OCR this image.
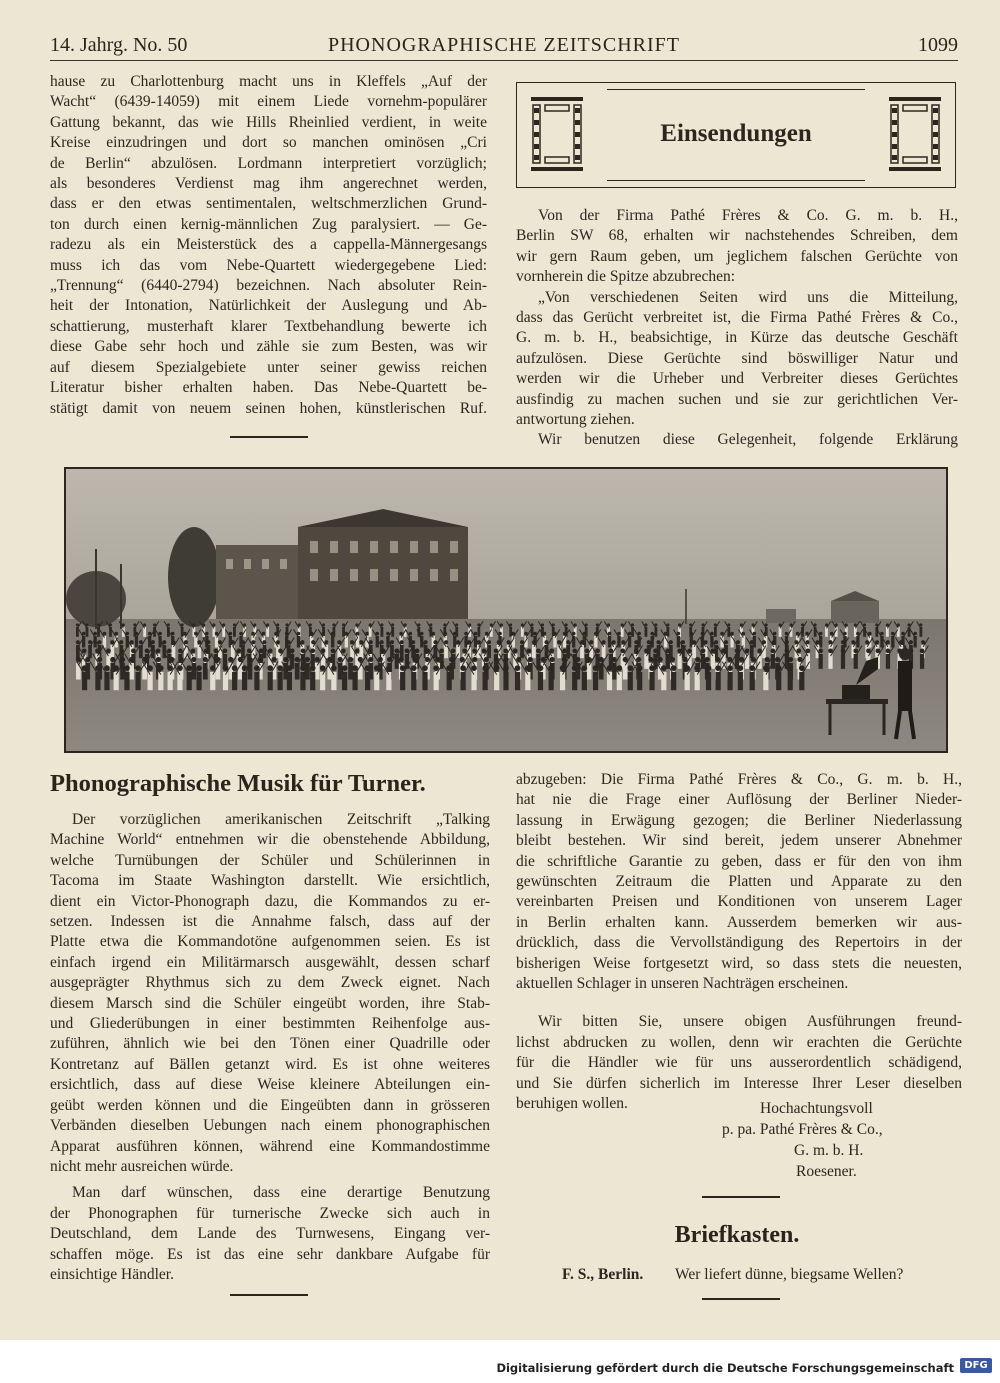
14. Jahrg. No. 50	PHONOGRAPHISCHE ZEITSCHRIFT	1099

hause zu Charlottenburg macht uns in Kleffels „Auf der
Wacht“ (6439-14059) mit einem Liede vornehm-populärer
Gattung bekannt, das wie Hills Rheinlied verdient, in weite
Kreise einzudringen und dort so manchen ominösen „Cri
de Berlin“ abzulösen. Lordmann interpretiert vorzüglich;
als besonderes Verdienst mag ihm angerechnet werden,
dass er den etwas sentimentalen, weltschmerzlichen Grund-
ton durch einen kernig-männlichen Zug paralysiert. — Ge-
radezu als ein Meisterstück des a cappella-Männergesangs
muss ich das vom Nebe-Quartett wiedergegebene Lied:
„Trennung“ (6440-2794) bezeichnen. Nach absoluter Rein-
heit der Intonation, Natürlichkeit der Auslegung und Ab-
schattierung, musterhaft klarer Textbehandlung bewerte ich
diese Gabe sehr hoch und zähle sie zum Besten, was wir
auf diesem Spezialgebiete unter seiner gewiss reichen
Literatur bisher erhalten haben. Das Nebe-Quartett be-
stätigt damit von neuem seinen hohen, künstlerischen Ruf.

Einsendungen

Von der Firma Pathé Frères & Co. G. m. b. H.,
Berlin SW 68, erhalten wir nachstehendes Schreiben, dem
wir gern Raum geben, um jeglichem falschen Gerüchte von
vornherein die Spitze abzubrechen:

„Von verschiedenen Seiten wird uns die Mitteilung,
dass das Gerücht verbreitet ist, die Firma Pathé Frères & Co.,
G. m. b. H., beabsichtige, in Kürze das deutsche Geschäft
aufzulösen. Diese Gerüchte sind böswilliger Natur und
werden wir die Urheber und Verbreiter dieses Gerüchtes
ausfindig zu machen suchen und sie zur gerichtlichen Ver-
antwortung ziehen.

Wir benutzen diese Gelegenheit, folgende Erklärung

Phonographische Musik für Turner.

Der vorzüglichen amerikanischen Zeitschrift „Talking
Machine World“ entnehmen wir die obenstehende Abbildung,
welche Turnübungen der Schüler und Schülerinnen in
Tacoma im Staate Washington darstellt. Wie ersichtlich,
dient ein Victor-Phonograph dazu, die Kommandos zu er-
setzen. Indessen ist die Annahme falsch, dass auf der
Platte etwa die Kommandotöne aufgenommen seien. Es ist
einfach irgend ein Militärmarsch ausgewählt, dessen scharf
ausgeprägter Rhythmus sich zu dem Zweck eignet. Nach
diesem Marsch sind die Schüler eingeübt worden, ihre Stab-
und Gliederübungen in einer bestimmten Reihenfolge aus-
zuführen, ähnlich wie bei den Tönen einer Quadrille oder
Kontretanz auf Bällen getanzt wird. Es ist ohne weiteres
ersichtlich, dass auf diese Weise kleinere Abteilungen ein-
geübt werden können und die Eingeübten dann in grösseren
Verbänden dieselben Uebungen nach einem phonographischen
Apparat ausführen können, während eine Kommandostimme
nicht mehr ausreichen würde.

Man darf wünschen, dass eine derartige Benutzung
der Phonographen für turnerische Zwecke sich auch in
Deutschland, dem Lande des Turnwesens, Eingang ver-
schaffen möge. Es ist das eine sehr dankbare Aufgabe für
einsichtige Händler.

abzugeben: Die Firma Pathé Frères & Co., G. m. b. H.,
hat nie die Frage einer Auflösung der Berliner Nieder-
lassung in Erwägung gezogen; die Berliner Niederlassung
bleibt bestehen. Wir sind bereit, jedem unserer Abnehmer
die schriftliche Garantie zu geben, dass er für den von ihm
gewünschten Zeitraum die Platten und Apparate zu den
vereinbarten Preisen und Konditionen von unserem Lager
in Berlin erhalten kann. Ausserdem bemerken wir aus-
drücklich, dass die Vervollständigung des Repertoirs in der
bisherigen Weise fortgesetzt wird, so dass stets die neuesten,
aktuellen Schlager in unseren Nachträgen erscheinen.

Wir bitten Sie, unsere obigen Ausführungen freund-
lichst abdrucken zu wollen, denn wir erachten die Gerüchte
für die Händler wie für uns ausserordentlich schädigend,
und Sie dürfen sicherlich im Interesse Ihrer Leser dieselben
beruhigen wollen.	Hochachtungsvoll
p. pa. Pathé Frères & Co.,
G. m. b. H.
Roesener.
Briefkasten.
F. S., Berlin. Wer liefert dünne, biegsame Wellen?
Digitalisierung gefördert durch die Deutsche Forschungsgemeinschaft	DFG
